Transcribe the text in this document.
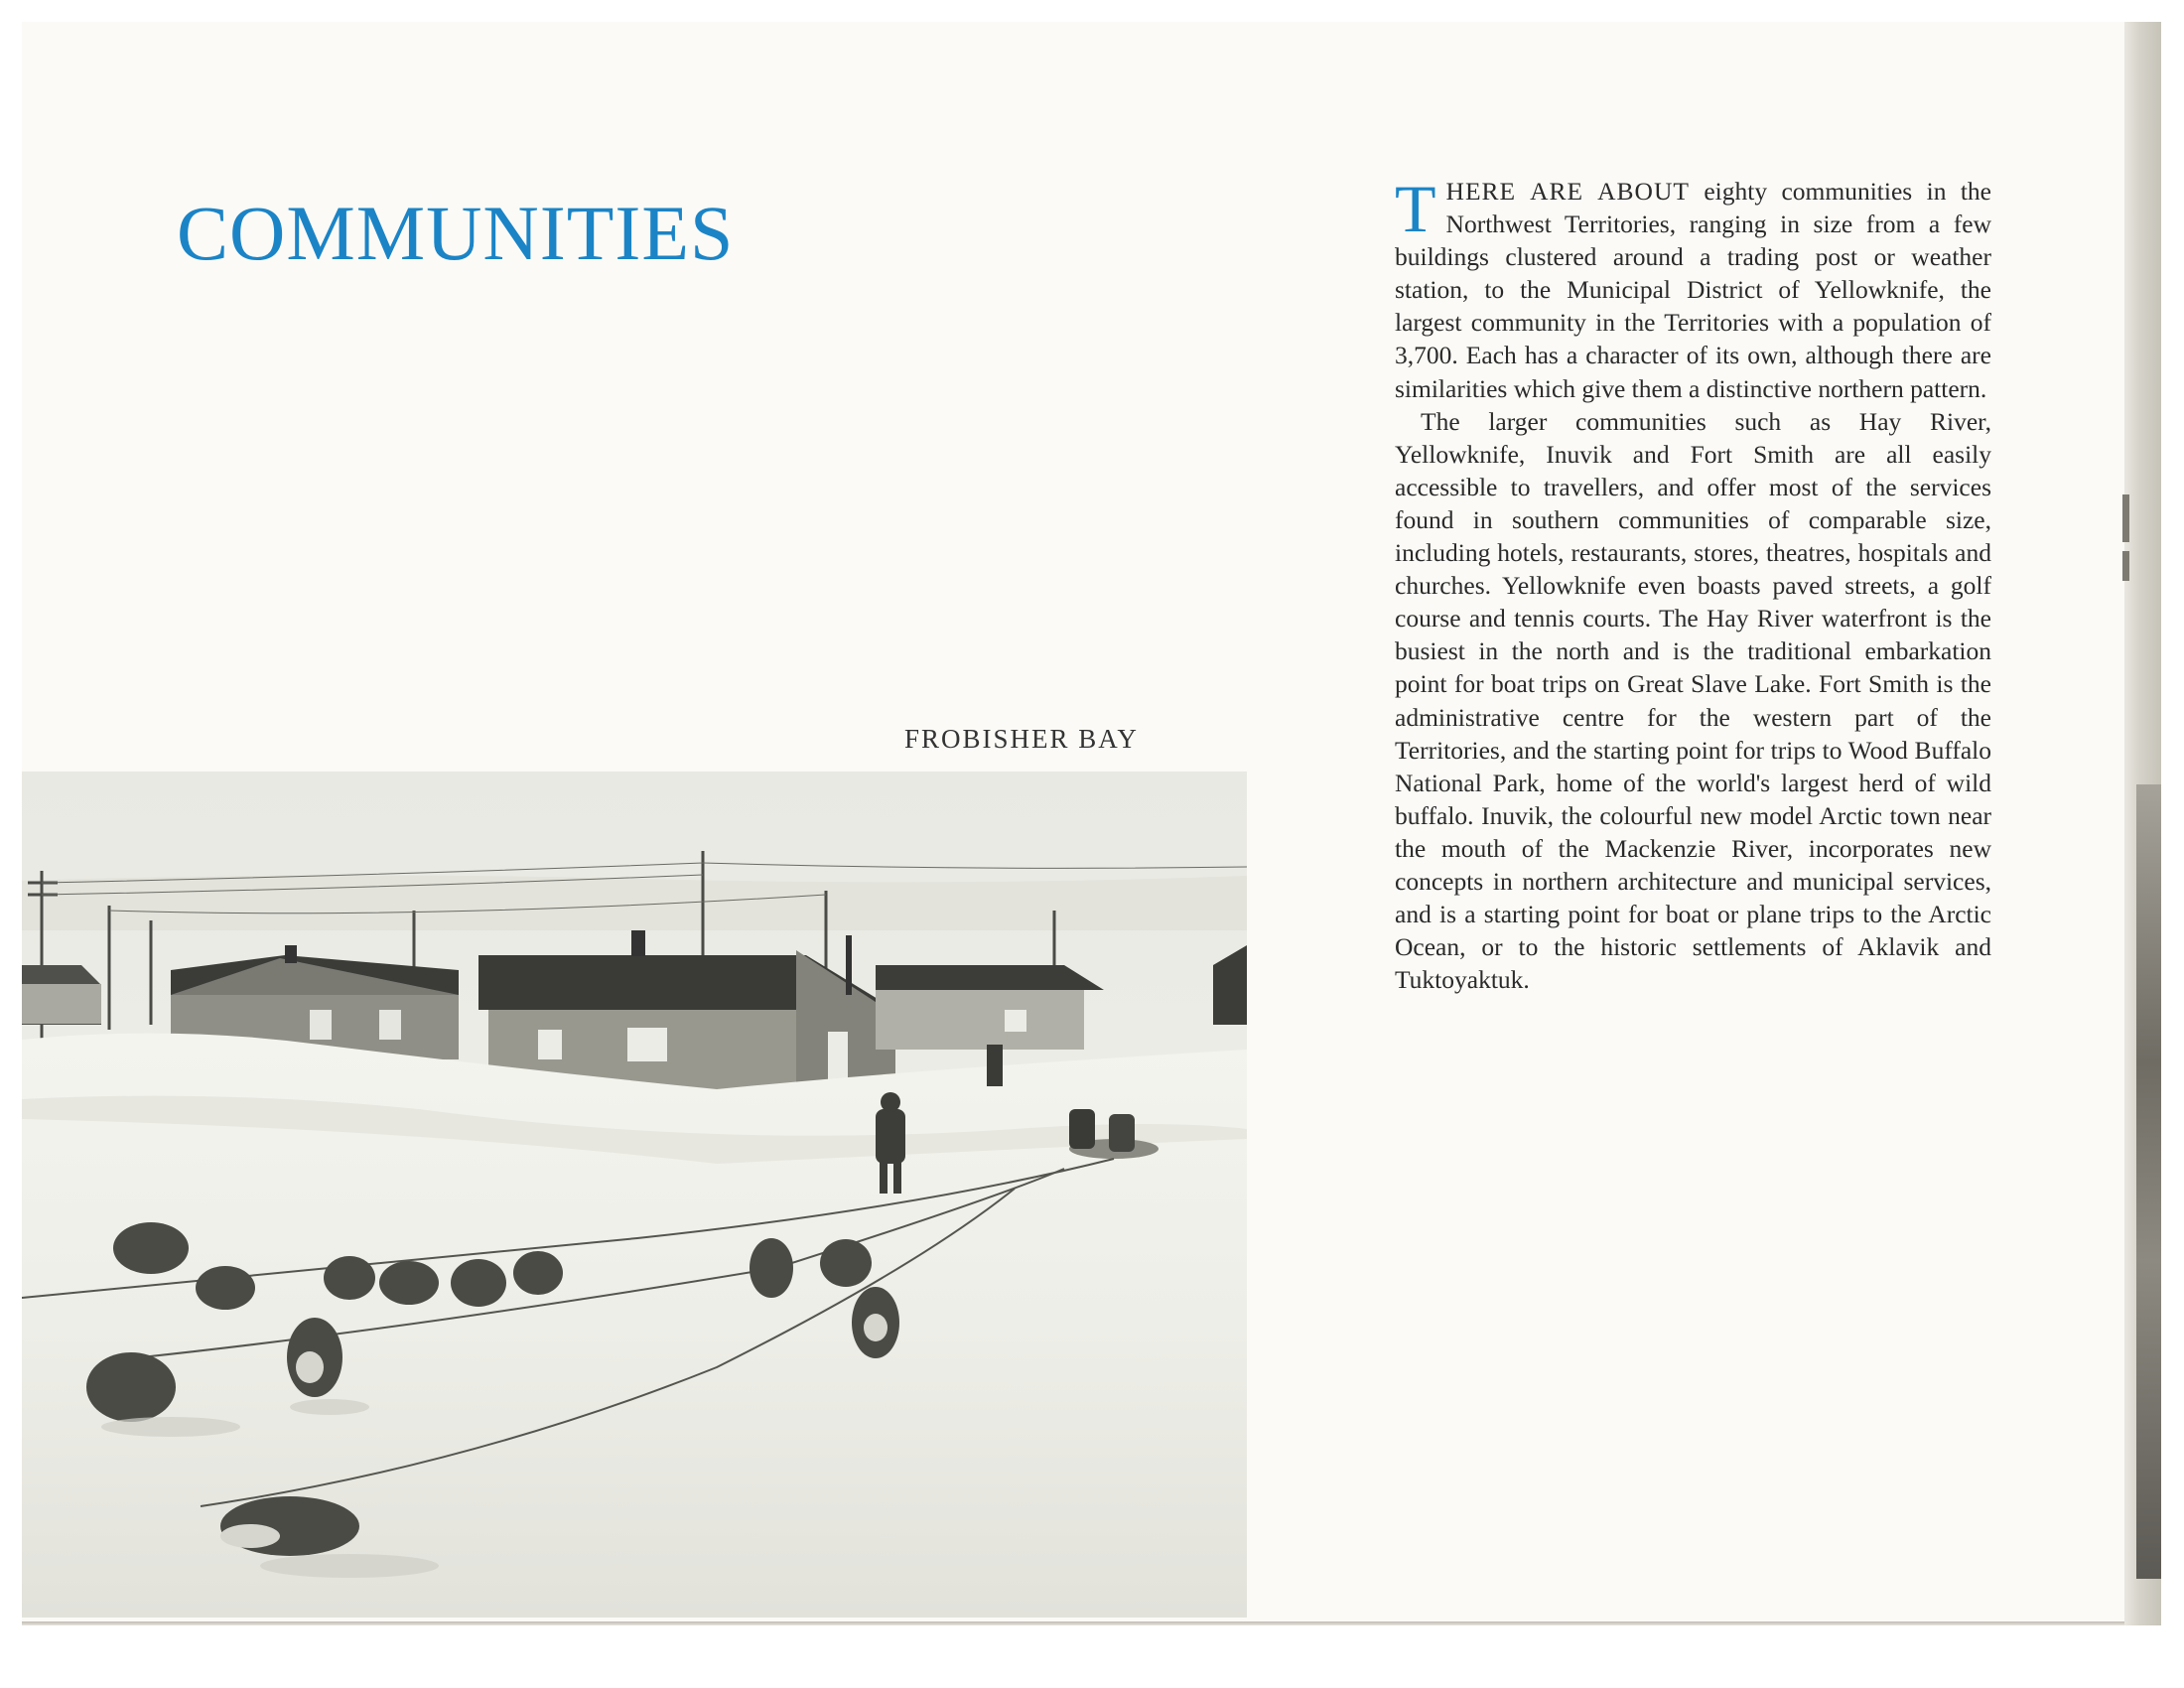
COMMUNITIES
FROBISHER BAY

THERE ARE ABOUT eighty communities in the Northwest Territories, ranging in size from a few buildings clustered around a trading post or weather station, to the Municipal District of Yellowknife, the largest community in the Territories with a population of 3,700. Each has a character of its own, although there are similarities which give them a distinctive northern pattern.

The larger communities such as Hay River, Yellowknife, Inuvik and Fort Smith are all easily accessible to travellers, and offer most of the services found in southern communities of comparable size, including hotels, restaurants, stores, theatres, hospitals and churches. Yellowknife even boasts paved streets, a golf course and tennis courts. The Hay River waterfront is the busiest in the north and is the traditional embarkation point for boat trips on Great Slave Lake. Fort Smith is the administrative centre for the western part of the Territories, and the starting point for trips to Wood Buffalo National Park, home of the world's largest herd of wild buffalo. Inuvik, the colourful new model Arctic town near the mouth of the Mackenzie River, incorporates new concepts in northern architecture and municipal services, and is a starting point for boat or plane trips to the Arctic Ocean, or to the historic settlements of Aklavik and Tuktoyaktuk.
